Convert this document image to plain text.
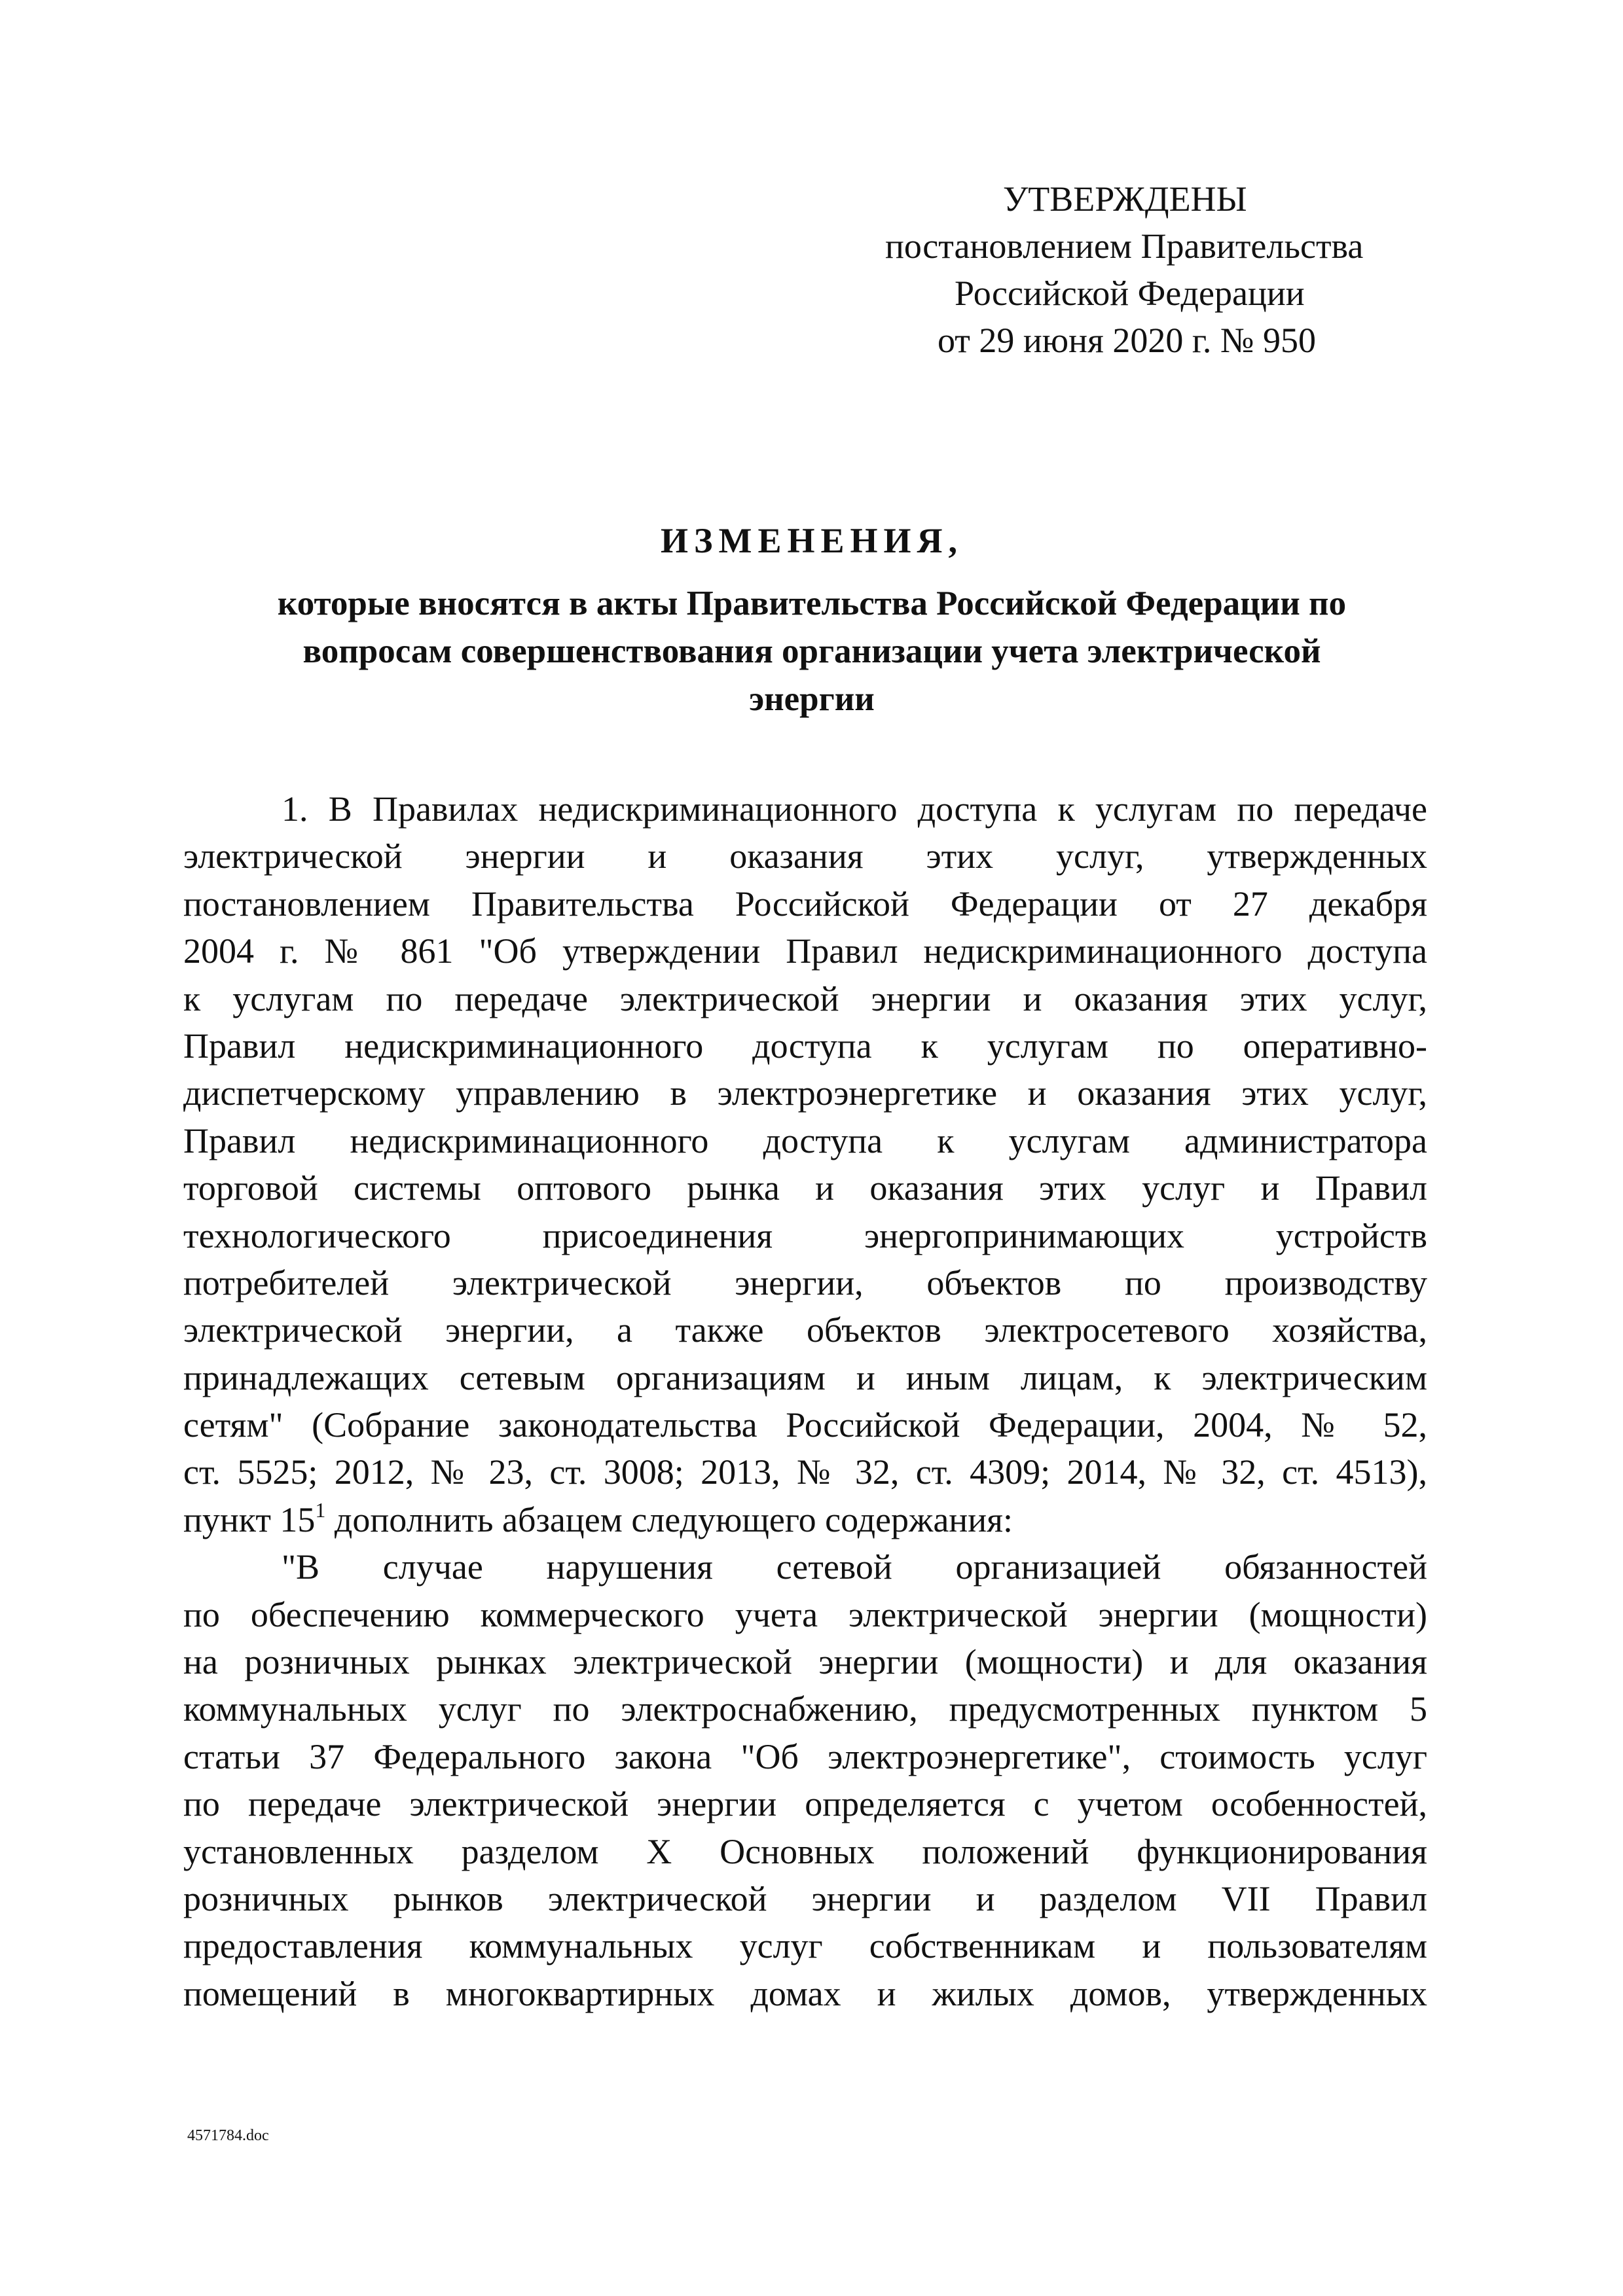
УТВЕРЖДЕНЫ
постановлением Правительства
Российской Федерации
от 29 июня 2020 г. № 950
ИЗМЕНЕНИЯ,
которые вносятся в акты Правительства Российской Федерации по
вопросам совершенствования организации учета электрической
энергии
1. В Правилах недискриминационного доступа к услугам по передаче
электрической энергии и оказания этих услуг, утвержденных
постановлением Правительства Российской Федерации от 27 декабря
2004 г. № 861 "Об утверждении Правил недискриминационного доступа
к услугам по передаче электрической энергии и оказания этих услуг,
Правил недискриминационного доступа к услугам по оперативно-
диспетчерскому управлению в электроэнергетике и оказания этих услуг,
Правил недискриминационного доступа к услугам администратора
торговой системы оптового рынка и оказания этих услуг и Правил
технологического присоединения энергопринимающих устройств
потребителей электрической энергии, объектов по производству
электрической энергии, а также объектов электросетевого хозяйства,
принадлежащих сетевым организациям и иным лицам, к электрическим
сетям" (Собрание законодательства Российской Федерации, 2004, № 52,
ст. 5525; 2012, № 23, ст. 3008; 2013, № 32, ст. 4309; 2014, № 32, ст. 4513),
пункт $15^1$ дополнить абзацем следующего содержания:
"В случае нарушения сетевой организацией обязанностей
по обеспечению коммерческого учета электрической энергии (мощности)
на розничных рынках электрической энергии (мощности) и для оказания
коммунальных услуг по электроснабжению, предусмотренных пунктом 5
статьи 37 Федерального закона "Об электроэнергетике", стоимость услуг
по передаче электрической энергии определяется с учетом особенностей,
установленных разделом X Основных положений функционирования
розничных рынков электрической энергии и разделом VII Правил
предоставления коммунальных услуг собственникам и пользователям
помещений в многоквартирных домах и жилых домов, утвержденных
4571784.doc
